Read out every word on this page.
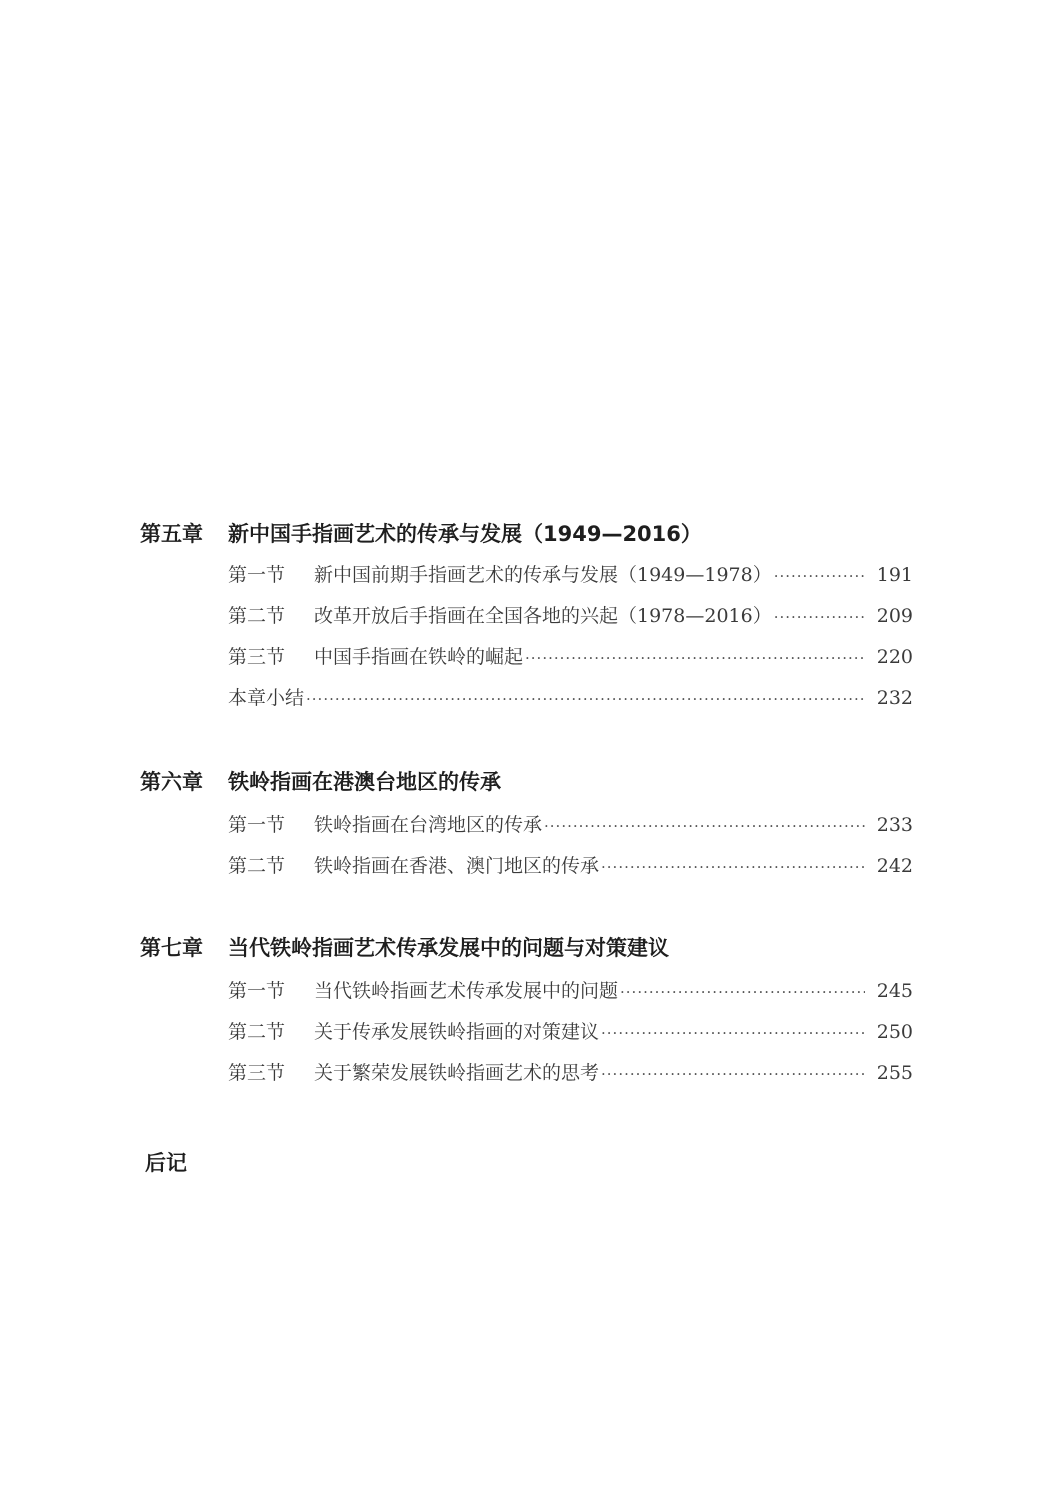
第五章	新中国手指画艺术的传承与发展（1949—2016）
第一节	新中国前期手指画艺术的传承与发展（1949—1978） ·····	191
第二节	改革开放后手指画在全国各地的兴起（1978—2016） ·····	209
第三节	中国手指画在铁岭的崛起 ·····	220
本章小结 ·····	232
第六章	铁岭指画在港澳台地区的传承
第一节	铁岭指画在台湾地区的传承 ·····	233
第二节	铁岭指画在香港、澳门地区的传承 ·····	242
第七章	当代铁岭指画艺术传承发展中的问题与对策建议
第一节	当代铁岭指画艺术传承发展中的问题 ·····	245
第二节	关于传承发展铁岭指画的对策建议 ·····	250
第三节	关于繁荣发展铁岭指画艺术的思考 ·····	255
后记
